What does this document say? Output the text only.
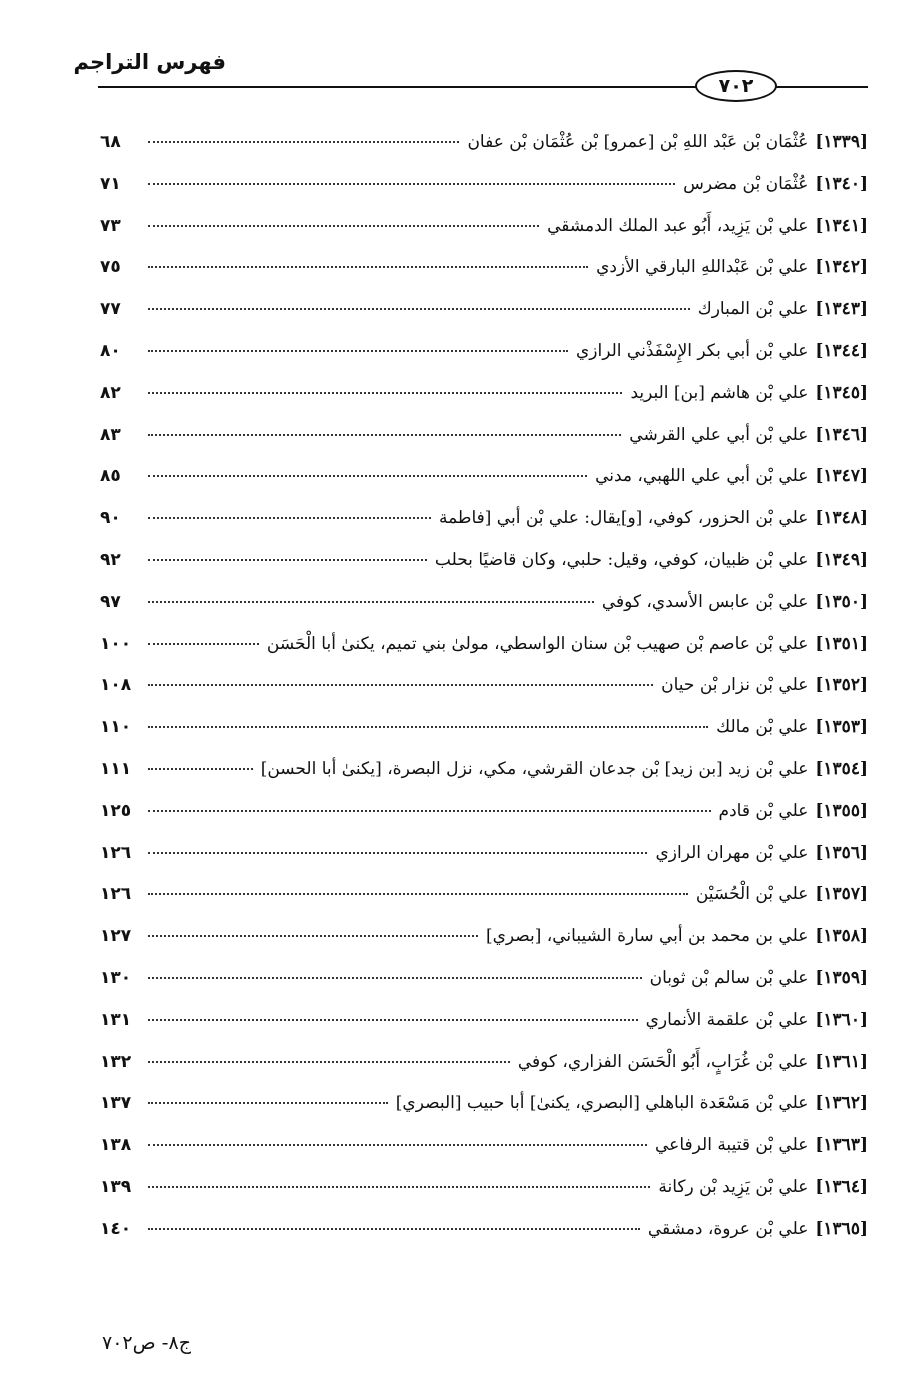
فهرس التراجم
٧٠٢
[١٣٣٩]
عُثْمَان بْن عَبْد اللهِ بْن [عمرو] بْن عُثْمَان بْن عفان
٦٨
[١٣٤٠]
عُثْمَان بْن مضرس
٧١
[١٣٤١]
علي بْن يَزِيد، أَبُو عبد الملك الدمشقي
٧٣
[١٣٤٢]
علي بْن عَبْداللهِ البارقي الأزدي
٧٥
[١٣٤٣]
علي بْن المبارك
٧٧
[١٣٤٤]
علي بْن أبي بكر الإِسْفَذْني الرازي
٨٠
[١٣٤٥]
علي بْن هاشم [بن] البريد
٨٢
[١٣٤٦]
علي بْن أبي علي القرشي
٨٣
[١٣٤٧]
علي بْن أبي علي اللهبي، مدني
٨٥
[١٣٤٨]
علي بْن الحزور، كوفي، [و]يقال: علي بْن أبي [فاطمة
٩٠
[١٣٤٩]
علي بْن ظبيان، كوفي، وقيل: حلبي، وكان قاضيًا بحلب
٩٢
[١٣٥٠]
علي بْن عابس الأسدي، كوفي
٩٧
[١٣٥١]
علي بْن عاصم بْن صهيب بْن سنان الواسطي، مولىٰ بني تميم، يكنىٰ أبا الْحَسَن
١٠٠
[١٣٥٢]
علي بْن نزار بْن حيان
١٠٨
[١٣٥٣]
علي بْن مالك
١١٠
[١٣٥٤]
علي بْن زيد [بن زيد] بْن جدعان القرشي، مكي، نزل البصرة، [يكنىٰ أبا الحسن]
١١١
[١٣٥٥]
علي بْن قادم
١٢٥
[١٣٥٦]
علي بْن مهران الرازي
١٢٦
[١٣٥٧]
علي بْن الْحُسَيْن
١٢٦
[١٣٥٨]
علي بن محمد بن أبي سارة الشيباني، [بصري]
١٢٧
[١٣٥٩]
علي بْن سالم بْن ثوبان
١٣٠
[١٣٦٠]
علي بْن علقمة الأنماري
١٣١
[١٣٦١]
علي بْن غُرَابٍ، أَبُو الْحَسَن الفزاري، كوفي
١٣٢
[١٣٦٢]
علي بْن مَسْعَدة الباهلي [البصري، يكنىٰ] أبا حبيب [البصري]
١٣٧
[١٣٦٣]
علي بْن قتيبة الرفاعي
١٣٨
[١٣٦٤]
علي بْن يَزِيد بْن ركانة
١٣٩
[١٣٦٥]
علي بْن عروة، دمشقي
١٤٠
ج٨- ص٧٠٢
